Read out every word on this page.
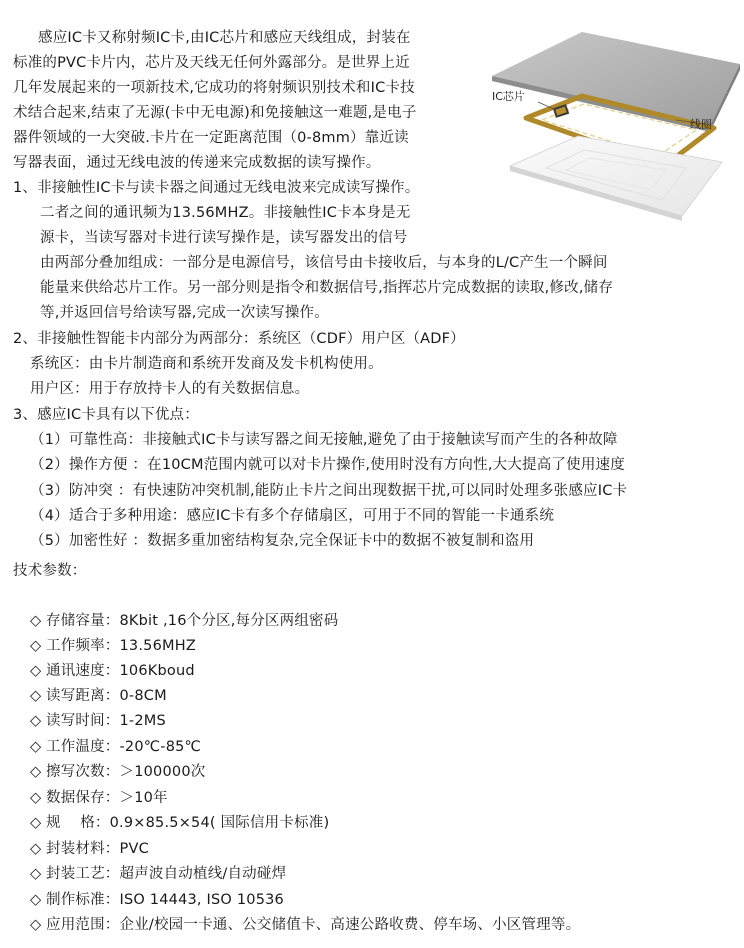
感应IC卡又称射频IC卡,由IC芯片和感应天线组成，封装在
标准的PVC卡片内，芯片及天线无任何外露部分。是世界上近
几年发展起来的一项新技术,它成功的将射频识别技术和IC卡技
术结合起来,结束了无源(卡中无电源)和免接触这一难题,是电子
器件领域的一大突破.卡片在一定距离范围（0-8mm）靠近读
写器表面，通过无线电波的传递来完成数据的读写操作。
1、非接触性IC卡与读卡器之间通过无线电波来完成读写操作。
二者之间的通讯频为13.56MHZ。非接触性IC卡本身是无
源卡，当读写器对卡进行读写操作是，读写器发出的信号
由两部分叠加组成：一部分是电源信号，该信号由卡接收后，与本身的L/C产生一个瞬间
能量来供给芯片工作。另一部分则是指令和数据信号,指挥芯片完成数据的读取,修改,储存
等,并返回信号给读写器,完成一次读写操作。
2、非接触性智能卡内部分为两部分：系统区（CDF）用户区（ADF）
系统区：由卡片制造商和系统开发商及发卡机构使用。
用户区：用于存放持卡人的有关数据信息。
3、感应IC卡具有以下优点：
（1）可靠性高：非接触式IC卡与读写器之间无接触,避免了由于接触读写而产生的各种故障
（2）操作方便 ：在10CM范围内就可以对卡片操作,使用时没有方向性,大大提高了使用速度
（3）防冲突 ：有快速防冲突机制,能防止卡片之间出现数据干扰,可以同时处理多张感应IC卡
（4）适合于多种用途：感应IC卡有多个存储扇区，可用于不同的智能一卡通系统
（5）加密性好 ：数据多重加密结构复杂,完全保证卡中的数据不被复制和盗用
技术参数：
◇ 存储容量：8Kbit ,16个分区,每分区两组密码
◇ 工作频率：13.56MHZ
◇ 通讯速度：106Kboud
◇ 读写距离：0-8CM
◇ 读写时间：1-2MS
◇ 工作温度：-20℃-85℃
◇ 擦写次数：＞100000次
◇ 数据保存：＞10年
◇ 规　 格：0.9×85.5×54( 国际信用卡标准)
◇ 封装材料：PVC
◇ 封装工艺：超声波自动植线/自动碰焊
◇ 制作标准：ISO 14443, ISO 10536
◇ 应用范围：企业/校园一卡通、公交储值卡、高速公路收费、停车场、小区管理等。
IC芯片
线圈
